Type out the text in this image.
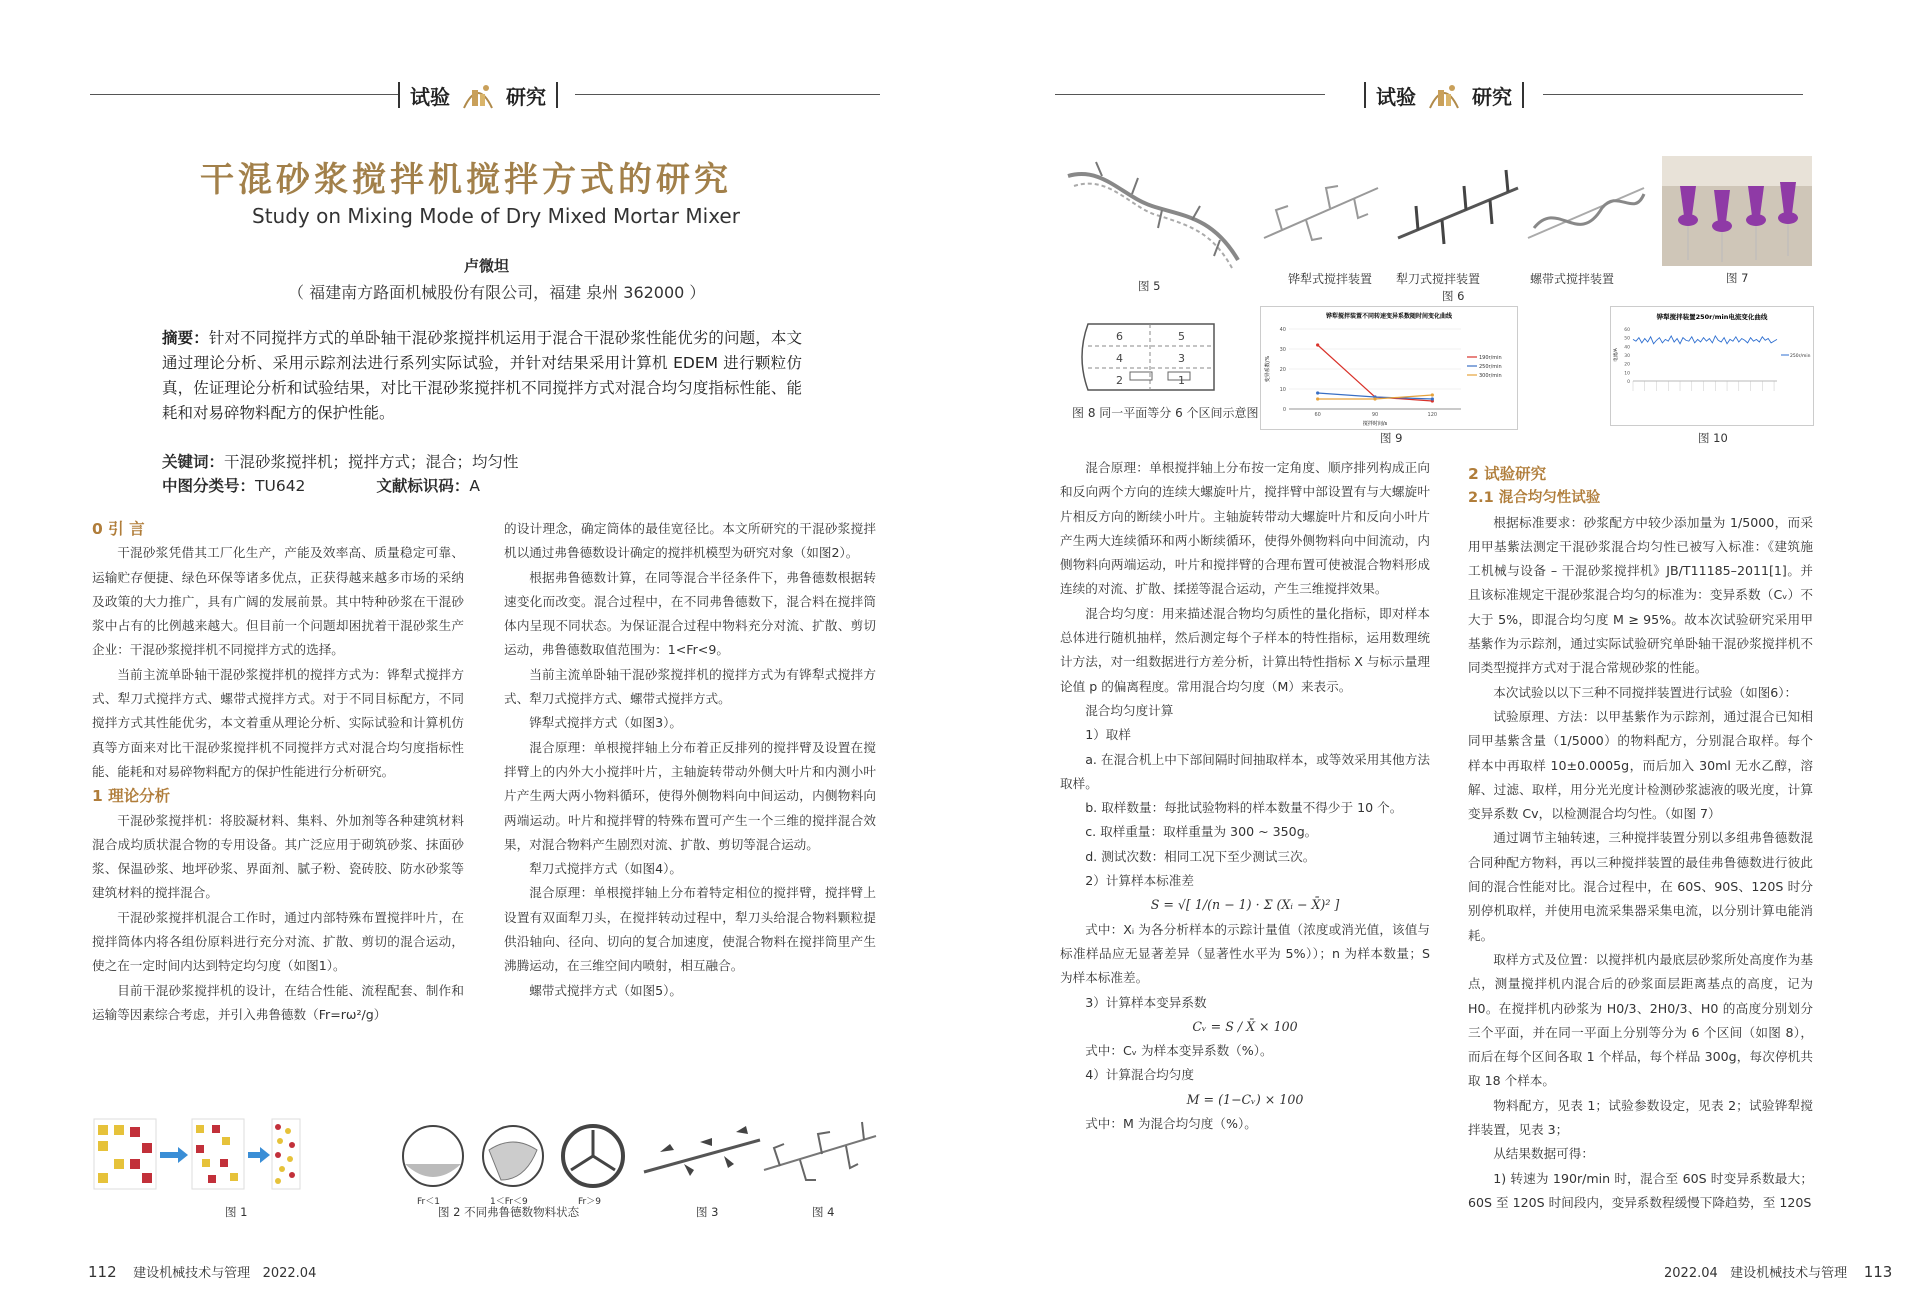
试验	研究
干混砂浆搅拌机搅拌方式的研究
Study on Mixing Mode of Dry Mixed Mortar Mixer
卢微坦
（ 福建南方路面机械股份有限公司，福建 泉州 362000 ）
摘要：针对不同搅拌方式的单卧轴干混砂浆搅拌机运用于混合干混砂浆性能优劣的问题，本文通过理论分析、采用示踪剂法进行系列实际试验，并针对结果采用计算机 EDEM 进行颗粒仿真，佐证理论分析和试验结果，对比干混砂浆搅拌机不同搅拌方式对混合均匀度指标性能、能耗和对易碎物料配方的保护性能。
关键词：干混砂浆搅拌机；搅拌方式；混合；均匀性
中图分类号：TU642	文献标识码：A

0 引 言

干混砂浆凭借其工厂化生产，产能及效率高、质量稳定可靠、运输贮存便捷、绿色环保等诸多优点，正获得越来越多市场的采纳及政策的大力推广，具有广阔的发展前景。其中特种砂浆在干混砂浆中占有的比例越来越大。但目前一个问题却困扰着干混砂浆生产企业：干混砂浆搅拌机不同搅拌方式的选择。

当前主流单卧轴干混砂浆搅拌机的搅拌方式为：铧犁式搅拌方式、犁刀式搅拌方式、螺带式搅拌方式。对于不同目标配方，不同搅拌方式其性能优劣，本文着重从理论分析、实际试验和计算机仿真等方面来对比干混砂浆搅拌机不同搅拌方式对混合均匀度指标性能、能耗和对易碎物料配方的保护性能进行分析研究。

1 理论分析

干混砂浆搅拌机：将胶凝材料、集料、外加剂等各种建筑材料混合成均质状混合物的专用设备。其广泛应用于砌筑砂浆、抹面砂浆、保温砂浆、地坪砂浆、界面剂、腻子粉、瓷砖胶、防水砂浆等建筑材料的搅拌混合。

干混砂浆搅拌机混合工作时，通过内部特殊布置搅拌叶片，在搅拌筒体内将各组份原料进行充分对流、扩散、剪切的混合运动，使之在一定时间内达到特定均匀度（如图1）。

目前干混砂浆搅拌机的设计，在结合性能、流程配套、制作和运输等因素综合考虑，并引入弗鲁德数（Fr=rω²/g）

的设计理念，确定筒体的最佳宽径比。本文所研究的干混砂浆搅拌机以通过弗鲁德数设计确定的搅拌机模型为研究对象（如图2）。

根据弗鲁德数计算，在同等混合半径条件下，弗鲁德数根据转速变化而改变。混合过程中，在不同弗鲁德数下，混合料在搅拌筒体内呈现不同状态。为保证混合过程中物料充分对流、扩散、剪切运动，弗鲁德数取值范围为：1<Fr<9。

当前主流单卧轴干混砂浆搅拌机的搅拌方式为有铧犁式搅拌方式、犁刀式搅拌方式、螺带式搅拌方式。

铧犁式搅拌方式（如图3）。

混合原理：单根搅拌轴上分布着正反排列的搅拌臂及设置在搅拌臂上的内外大小搅拌叶片，主轴旋转带动外侧大叶片和内测小叶片产生两大两小物料循环，使得外侧物料向中间运动，内侧物料向两端运动。叶片和搅拌臂的特殊布置可产生一个三维的搅拌混合效果，对混合物料产生剧烈对流、扩散、剪切等混合运动。

犁刀式搅拌方式（如图4）。

混合原理：单根搅拌轴上分布着特定相位的搅拌臂，搅拌臂上设置有双面犁刀头，在搅拌转动过程中，犁刀头给混合物料颗粒提供沿轴向、径向、切向的复合加速度，使混合物料在搅拌筒里产生沸腾运动，在三维空间内喷射，相互融合。

螺带式搅拌方式（如图5）。

Fr＜1	1＜Fr＜9	Fr＞9
图 1	图 2 不同弗鲁德数物料状态	图 3	图 4
112 建设机械技术与管理 2022.04
试验	研究
图 5	铧犁式搅拌装置 犁刀式搅拌装置	螺带式搅拌装置
图 6
图 7
6	5
4	3
2	1
图 8 同一平面等分 6 个区间示意图
铧犁搅拌装置不同转速变异系数随时间变化曲线
0
10
20
30
40
60	90	120
搅拌时间/s
变异系数/%	190r/min
250r/min
300r/min
图 9
铧犁搅拌装置250r/min电流变化曲线
0
10
20
30
40
50
60
电流/A	250r/min
图 10

混合原理：单根搅拌轴上分布按一定角度、顺序排列构成正向和反向两个方向的连续大螺旋叶片，搅拌臂中部设置有与大螺旋叶片相反方向的断续小叶片。主轴旋转带动大螺旋叶片和反向小叶片产生两大连续循环和两小断续循环，使得外侧物料向中间流动，内侧物料向两端运动，叶片和搅拌臂的合理布置可使被混合物料形成连续的对流、扩散、揉搓等混合运动，产生三维搅拌效果。

混合均匀度：用来描述混合物均匀质性的量化指标，即对样本总体进行随机抽样，然后测定每个子样本的特性指标，运用数理统计方法，对一组数据进行方差分析，计算出特性指标 X 与标示量理论值 p 的偏离程度。常用混合均匀度（M）来表示。

混合均匀度计算

1）取样

a. 在混合机上中下部间隔时间抽取样本，或等效采用其他方法取样。

b. 取样数量：每批试验物料的样本数量不得少于 10 个。

c. 取样重量：取样重量为 300 ~ 350g。

d. 测试次数：相同工况下至少测试三次。

2）计算样本标准差

S = √[ 1/(n − 1) · Σ (Xᵢ − X̄)² ]

式中：Xᵢ 为各分析样本的示踪计量值（浓度或消光值，该值与标准样品应无显著差异（显著性水平为 5%））；n 为样本数量；S 为样本标准差。

3）计算样本变异系数

Cᵥ = S / X̄ × 100

式中：Cᵥ 为样本变异系数（%）。

4）计算混合均匀度

M = (1−Cᵥ) × 100

式中：M 为混合均匀度（%）。

2 试验研究

2.1 混合均匀性试验

根据标准要求：砂浆配方中较少添加量为 1/5000，而采用甲基紫法测定干混砂浆混合均匀性已被写入标准：《建筑施工机械与设备 – 干混砂浆搅拌机》JB/T11185–2011[1]。并且该标准规定干混砂浆混合均匀的标准为：变异系数（Cᵥ）不大于 5%，即混合均匀度 M ≥ 95%。故本次试验研究采用甲基紫作为示踪剂，通过实际试验研究单卧轴干混砂浆搅拌机不同类型搅拌方式对于混合常规砂浆的性能。

本次试验以以下三种不同搅拌装置进行试验（如图6）：

试验原理、方法：以甲基紫作为示踪剂，通过混合已知相同甲基紫含量（1/5000）的物料配方，分别混合取样。每个样本中再取样 10±0.0005g，而后加入 30ml 无水乙醇，溶解、过滤、取样，用分光光度计检测砂浆滤液的吸光度，计算变异系数 Cv，以检测混合均匀性。（如图 7）

通过调节主轴转速，三种搅拌装置分别以多组弗鲁德数混合同种配方物料，再以三种搅拌装置的最佳弗鲁德数进行彼此间的混合性能对比。混合过程中，在 60S、90S、120S 时分别停机取样，并使用电流采集器采集电流，以分别计算电能消耗。

取样方式及位置：以搅拌机内最底层砂浆所处高度作为基点，测量搅拌机内混合后的砂浆面层距离基点的高度，记为 H0。在搅拌机内砂浆为 H0/3、2H0/3、H0 的高度分别划分三个平面，并在同一平面上分别等分为 6 个区间（如图 8），而后在每个区间各取 1 个样品，每个样品 300g，每次停机共取 18 个样本。

物料配方，见表 1；试验参数设定，见表 2；试验铧犁搅拌装置，见表 3；

从结果数据可得：

1) 转速为 190r/min 时，混合至 60S 时变异系数最大；60S 至 120S 时间段内，变异系数程缓慢下降趋势，至 120S

2022.04 建设机械技术与管理 113
